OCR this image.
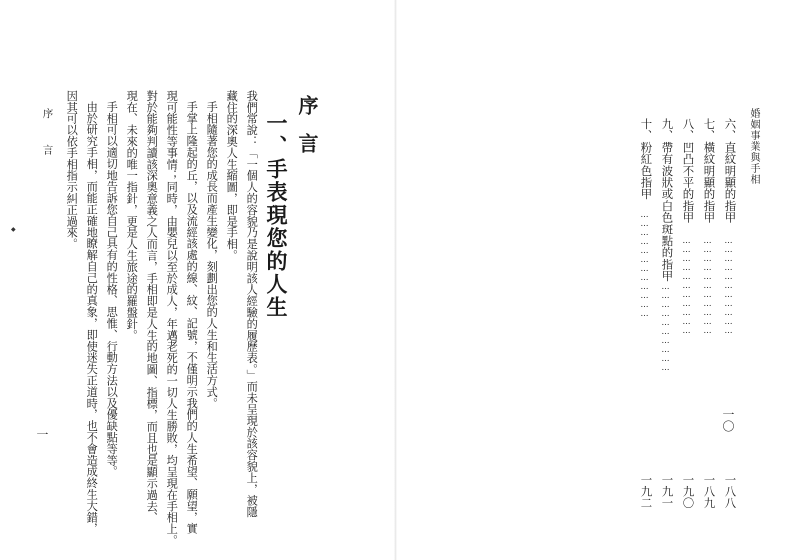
婚姻事業與手相
一〇
六、直紋明顯的指甲
……………………………
一八八
七、橫紋明顯的指甲
……………………………
一八九
八、凹凸不平的指甲
……………………………
一九〇
九、帶有波狀或白色斑點的指甲
…………………………
一九一
十、粉紅色指甲
………………………………
一九二
序言
一、手表現您的人生
我們常說：「一個人的容貌乃是說明該人經驗的履歷表。」而未呈現於該容貌上，被隱
藏住的深奧人生縮圖，即是手相。
手相隨著您的成長而產生變化，刻劃出您的人生和生活方式。
手掌上隆起的丘，以及流經該處的線、紋、記號，不僅明示我們的人生希望、願望，實
現可能性等事情；同時，由嬰兒以至於成人，年邁老死的一切人生勝敗，均呈現在手相上。
對於能夠判讀該深奧意義之人而言，手相即是人生的地圖、指標，而且也是顯示過去、
現在、未來的唯一指針，更是人生旅途的羅盤針。
手相可以適切地告訴您自己具有的性格、思惟、行動方法以及優缺點等等。
由於研究手相，而能正確地瞭解自己的真象，即使迷失正道時，也不會造成終生大錯，
因其可以依手相指示糾正過來。
序言
一
◆
